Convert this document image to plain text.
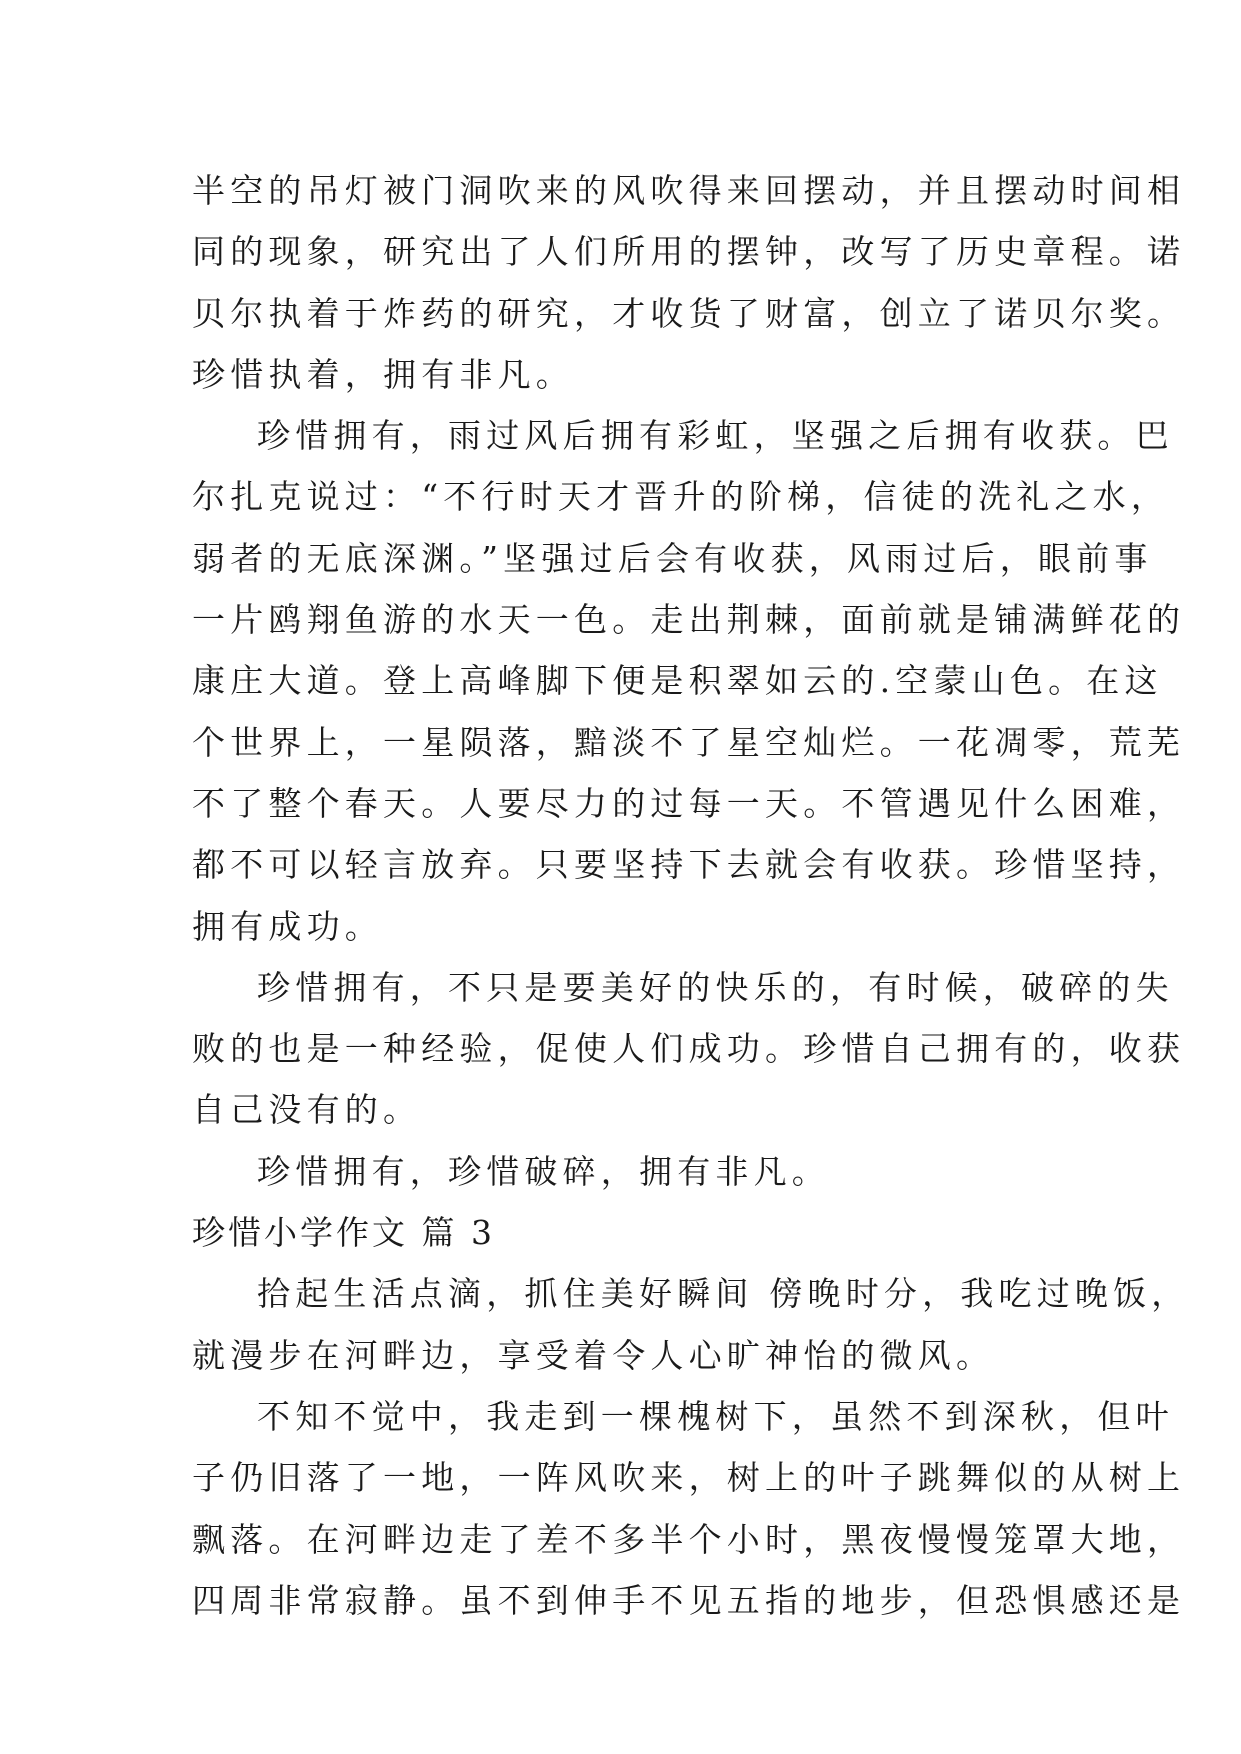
半空的吊灯被门洞吹来的风吹得来回摆动，并且摆动时间相
同的现象，研究出了人们所用的摆钟，改写了历史章程。诺
贝尔执着于炸药的研究，才收货了财富，创立了诺贝尔奖。
珍惜执着，拥有非凡。
珍惜拥有，雨过风后拥有彩虹，坚强之后拥有收获。巴
尔扎克说过：“不行时天才晋升的阶梯，信徒的洗礼之水，
弱者的无底深渊。”坚强过后会有收获，风雨过后，眼前事
一片鸥翔鱼游的水天一色。走出荆棘，面前就是铺满鲜花的
康庄大道。登上高峰脚下便是积翠如云的.空蒙山色。在这
个世界上，一星陨落，黯淡不了星空灿烂。一花凋零，荒芜
不了整个春天。人要尽力的过每一天。不管遇见什么困难，
都不可以轻言放弃。只要坚持下去就会有收获。珍惜坚持，
拥有成功。
珍惜拥有，不只是要美好的快乐的，有时候，破碎的失
败的也是一种经验，促使人们成功。珍惜自己拥有的，收获
自己没有的。
珍惜拥有，珍惜破碎，拥有非凡。
珍惜小学作文 篇 3
拾起生活点滴，抓住美好瞬间 傍晚时分，我吃过晚饭，
就漫步在河畔边，享受着令人心旷神怡的微风。
不知不觉中，我走到一棵槐树下，虽然不到深秋，但叶
子仍旧落了一地，一阵风吹来，树上的叶子跳舞似的从树上
飘落。在河畔边走了差不多半个小时，黑夜慢慢笼罩大地，
四周非常寂静。虽不到伸手不见五指的地步，但恐惧感还是
